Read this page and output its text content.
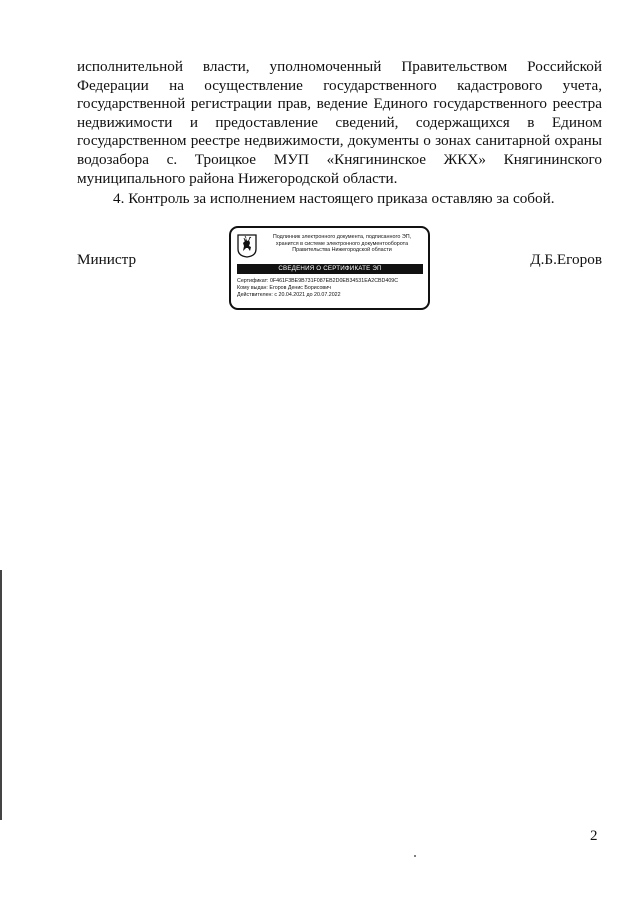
исполнительной власти, уполномоченный Правительством Российской

Федерации на осуществление государственного кадастрового учета,

государственной регистрации прав, ведение Единого государственного реестра

недвижимости и предоставление сведений, содержащихся в Едином

государственном реестре недвижимости, документы о зонах санитарной охраны

водозабора с. Троицкое МУП «Княгининское ЖКХ» Княгининского

муниципального района Нижегородской области.

4. Контроль за исполнением настоящего приказа оставляю за собой.

Министр	Д.Б.Егоров
Подлинник электронного документа, подписанного ЭП,
хранится в системе электронного документооборота
Правительства Нижегородской области
СВЕДЕНИЯ О СЕРТИФИКАТЕ ЭП
Сертификат: 0F461F3BE9B731F087EB2D0EB34531EA2CBD409C
Кому выдан: Егоров Денис Борисович
Действителен: с 20.04.2021 до 20.07.2022
2
